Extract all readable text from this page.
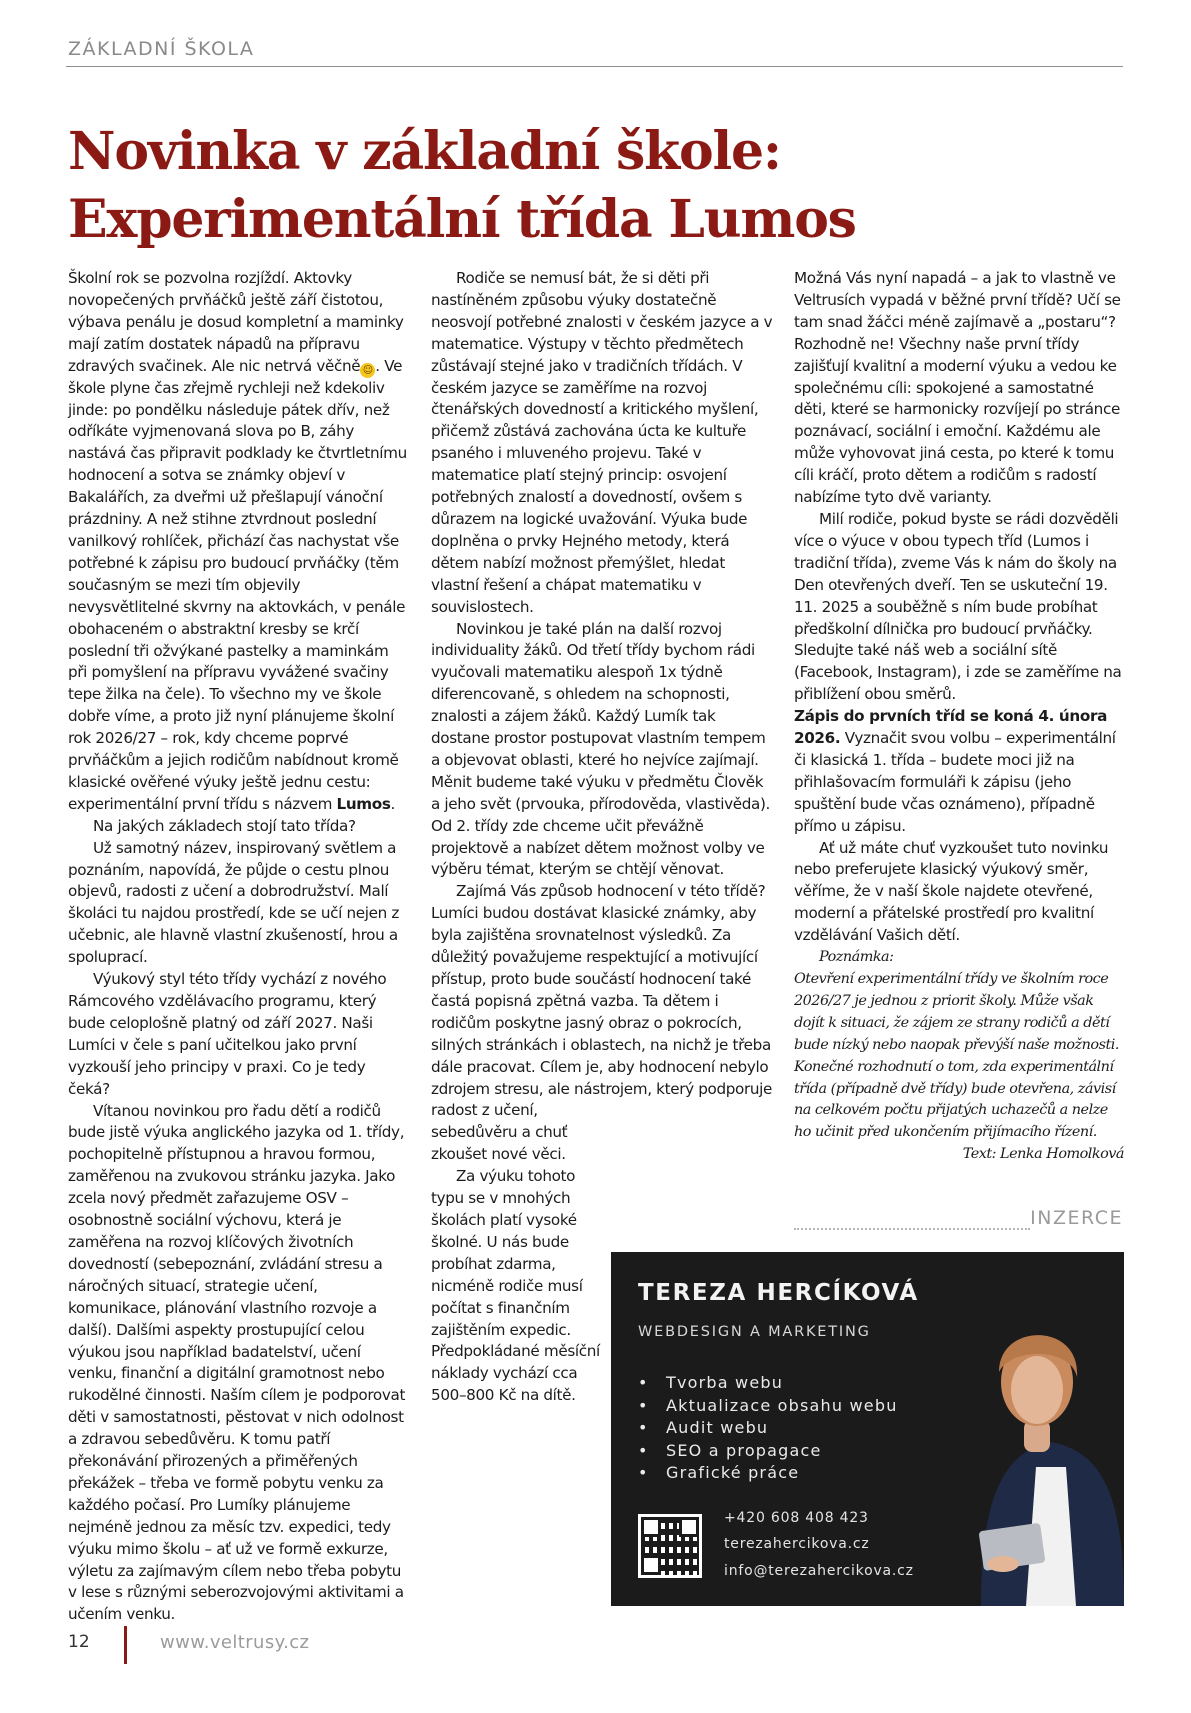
ZÁKLADNÍ ŠKOLA
Novinka v základní škole:
Experimentální třída Lumos

Školní rok se pozvolna rozjíždí. Aktovky novopečených prvňáčků ještě září čistotou, výbava penálu je dosud kompletní a maminky mají zatím dostatek nápadů na přípravu zdravých svačinek. Ale nic netrvá věčně ☺ . Ve škole plyne čas zřejmě rychleji než kdekoliv jinde: po pondělku následuje pátek dřív, než odříkáte vyjmenovaná slova po B, záhy nastává čas připravit podklady ke čtvrtletnímu hodnocení a sotva se známky objeví v Bakalářích, za dveřmi už přešlapují vánoční prázdniny. A než stihne ztvrdnout poslední vanilkový rohlíček, přichází čas nachystat vše potřebné k zápisu pro budoucí prvňáčky (těm současným se mezi tím objevily nevysvětlitelné skvrny na aktovkách, v penále obohaceném o abstraktní kresby se krčí poslední tři ožvýkané pastelky a maminkám při pomyšlení na přípravu vyvážené svačiny tepe žilka na čele). To všechno my ve škole dobře víme, a proto již nyní plánujeme školní rok 2026/27 – rok, kdy chceme poprvé prvňáčkům a jejich rodičům nabídnout kromě klasické ověřené výuky ještě jednu cestu: experimentální první třídu s názvem Lumos.

Na jakých základech stojí tato třída?

Už samotný název, inspirovaný světlem a poznáním, napovídá, že půjde o cestu plnou objevů, radosti z učení a dobrodružství. Malí školáci tu najdou prostředí, kde se učí nejen z učebnic, ale hlavně vlastní zkušeností, hrou a spoluprací.

Výukový styl této třídy vychází z nového Rámcového vzdělávacího programu, který bude celoplošně platný od září 2027. Naši Lumíci v čele s paní učitelkou jako první vyzkouší jeho principy v praxi. Co je tedy čeká?

Vítanou novinkou pro řadu dětí a rodičů bude jistě výuka anglického jazyka od 1. třídy, pochopitelně přístupnou a hravou formou, zaměřenou na zvukovou stránku jazyka. Jako zcela nový předmět zařazujeme OSV – osobnostně sociální výchovu, která je zaměřena na rozvoj klíčových životních dovedností (sebepoznání, zvládání stresu a náročných situací, strategie učení, komunikace, plánování vlastního rozvoje a další). Dalšími aspekty prostupující celou výukou jsou například badatelství, učení venku, finanční a digitální gramotnost nebo rukodělné činnosti. Naším cílem je podporovat děti v samostatnosti, pěstovat v nich odolnost a zdravou sebedůvěru. K tomu patří překonávání přirozených a přiměřených překážek – třeba ve formě pobytu venku za každého počasí. Pro Lumíky plánujeme nejméně jednou za měsíc tzv. expedici, tedy výuku mimo školu – ať už ve formě exkurze, výletu za zajímavým cílem nebo třeba pobytu v lese s různými seberozvojovými aktivitami a učením venku.

Možná Vás nyní napadá – a jak to vlastně ve Veltrusích vypadá v běžné první třídě? Učí se tam snad žáčci méně zajímavě a „postaru“? Rozhodně ne! Všechny naše první třídy zajišťují kvalitní a moderní výuku a vedou ke společnému cíli: spokojené a samostatné děti, které se harmonicky rozvíjejí po stránce poznávací, sociální i emoční. Každému ale může vyhovovat jiná cesta, po které k tomu cíli kráčí, proto dětem a rodičům s radostí nabízíme tyto dvě varianty.

Milí rodiče, pokud byste se rádi dozvěděli více o výuce v obou typech tříd (Lumos i tradiční třída), zveme Vás k nám do školy na Den otevřených dveří. Ten se uskuteční 19. 11. 2025 a souběžně s ním bude probíhat předškolní dílnička pro budoucí prvňáčky. Sledujte také náš web a sociální sítě (Facebook, Instagram), i zde se zaměříme na přiblížení obou směrů.

Zápis do prvních tříd se koná 4. února 2026. Vyznačit svou volbu – experimentální či klasická 1. třída – budete moci již na přihlašovacím formuláři k zápisu (jeho spuštění bude včas oznámeno), případně přímo u zápisu.

Ať už máte chuť vyzkoušet tuto novinku nebo preferujete klasický výukový směr, věříme, že v naší škole najdete otevřené, moderní a přátelské prostředí pro kvalitní vzdělávání Vašich dětí.

Poznámka:

Otevření experimentální třídy ve školním roce 2026/27 je jednou z priorit školy. Může však dojít k situaci, že zájem ze strany rodičů a dětí bude nízký nebo naopak převýší naše možnosti. Konečné rozhodnutí o tom, zda experimentální třída (případně dvě třídy) bude otevřena, závisí na celkovém počtu přijatých uchazečů a nelze ho učinit před ukončením přijímacího řízení.

Text: Lenka Homolková

Rodiče se nemusí bát, že si děti při nastíněném způsobu výuky dostatečně neosvojí potřebné znalosti v českém jazyce a v matematice. Výstupy v těchto předmětech zůstávají stejné jako v tradičních třídách. V českém jazyce se zaměříme na rozvoj čtenářských dovedností a kritického myšlení, přičemž zůstává zachována úcta ke kultuře psaného i mluveného projevu. Také v matematice platí stejný princip: osvojení potřebných znalostí a dovedností, ovšem s důrazem na logické uvažování. Výuka bude doplněna o prvky Hejného metody, která dětem nabízí možnost přemýšlet, hledat vlastní řešení a chápat matematiku v souvislostech.

Novinkou je také plán na další rozvoj individuality žáků. Od třetí třídy bychom rádi vyučovali matematiku alespoň 1x týdně diferencovaně, s ohledem na schopnosti, znalosti a zájem žáků. Každý Lumík tak dostane prostor postupovat vlastním tempem a objevovat oblasti, které ho nejvíce zajímají. Měnit budeme také výuku v předmětu Člověk a jeho svět (prvouka, přírodověda, vlastivěda). Od 2. třídy zde chceme učit převážně projektově a nabízet dětem možnost volby ve výběru témat, kterým se chtějí věnovat.

Zajímá Vás způsob hodnocení v této třídě? Lumíci budou dostávat klasické známky, aby byla zajištěna srovnatelnost výsledků. Za důležitý považujeme respektující a motivující přístup, proto bude součástí hodnocení také častá popisná zpětná vazba. Ta dětem i rodičům poskytne jasný obraz o pokrocích, silných stránkách i oblastech, na nichž je třeba dále pracovat. Cílem je, aby hodnocení nebylo zdrojem stresu, ale nástrojem, který podporuje

radost z učení, sebedůvěru a chuť zkoušet nové věci.

Za výuku tohoto typu se v mnohých školách platí vysoké školné. U nás bude probíhat zdarma, nicméně rodiče musí počítat s finančním zajištěním expedic. Předpokládané měsíční náklady vychází cca 500–800 Kč na dítě.

INZERCE
TEREZA HERCÍKOVÁ
WEBDESIGN A MARKETING
• Tvorba webu
• Aktualizace obsahu webu
• Audit webu
• SEO a propagace
• Grafické práce
+420 608 408 423
terezahercikova.cz
info@terezahercikova.cz
12	www.veltrusy.cz
